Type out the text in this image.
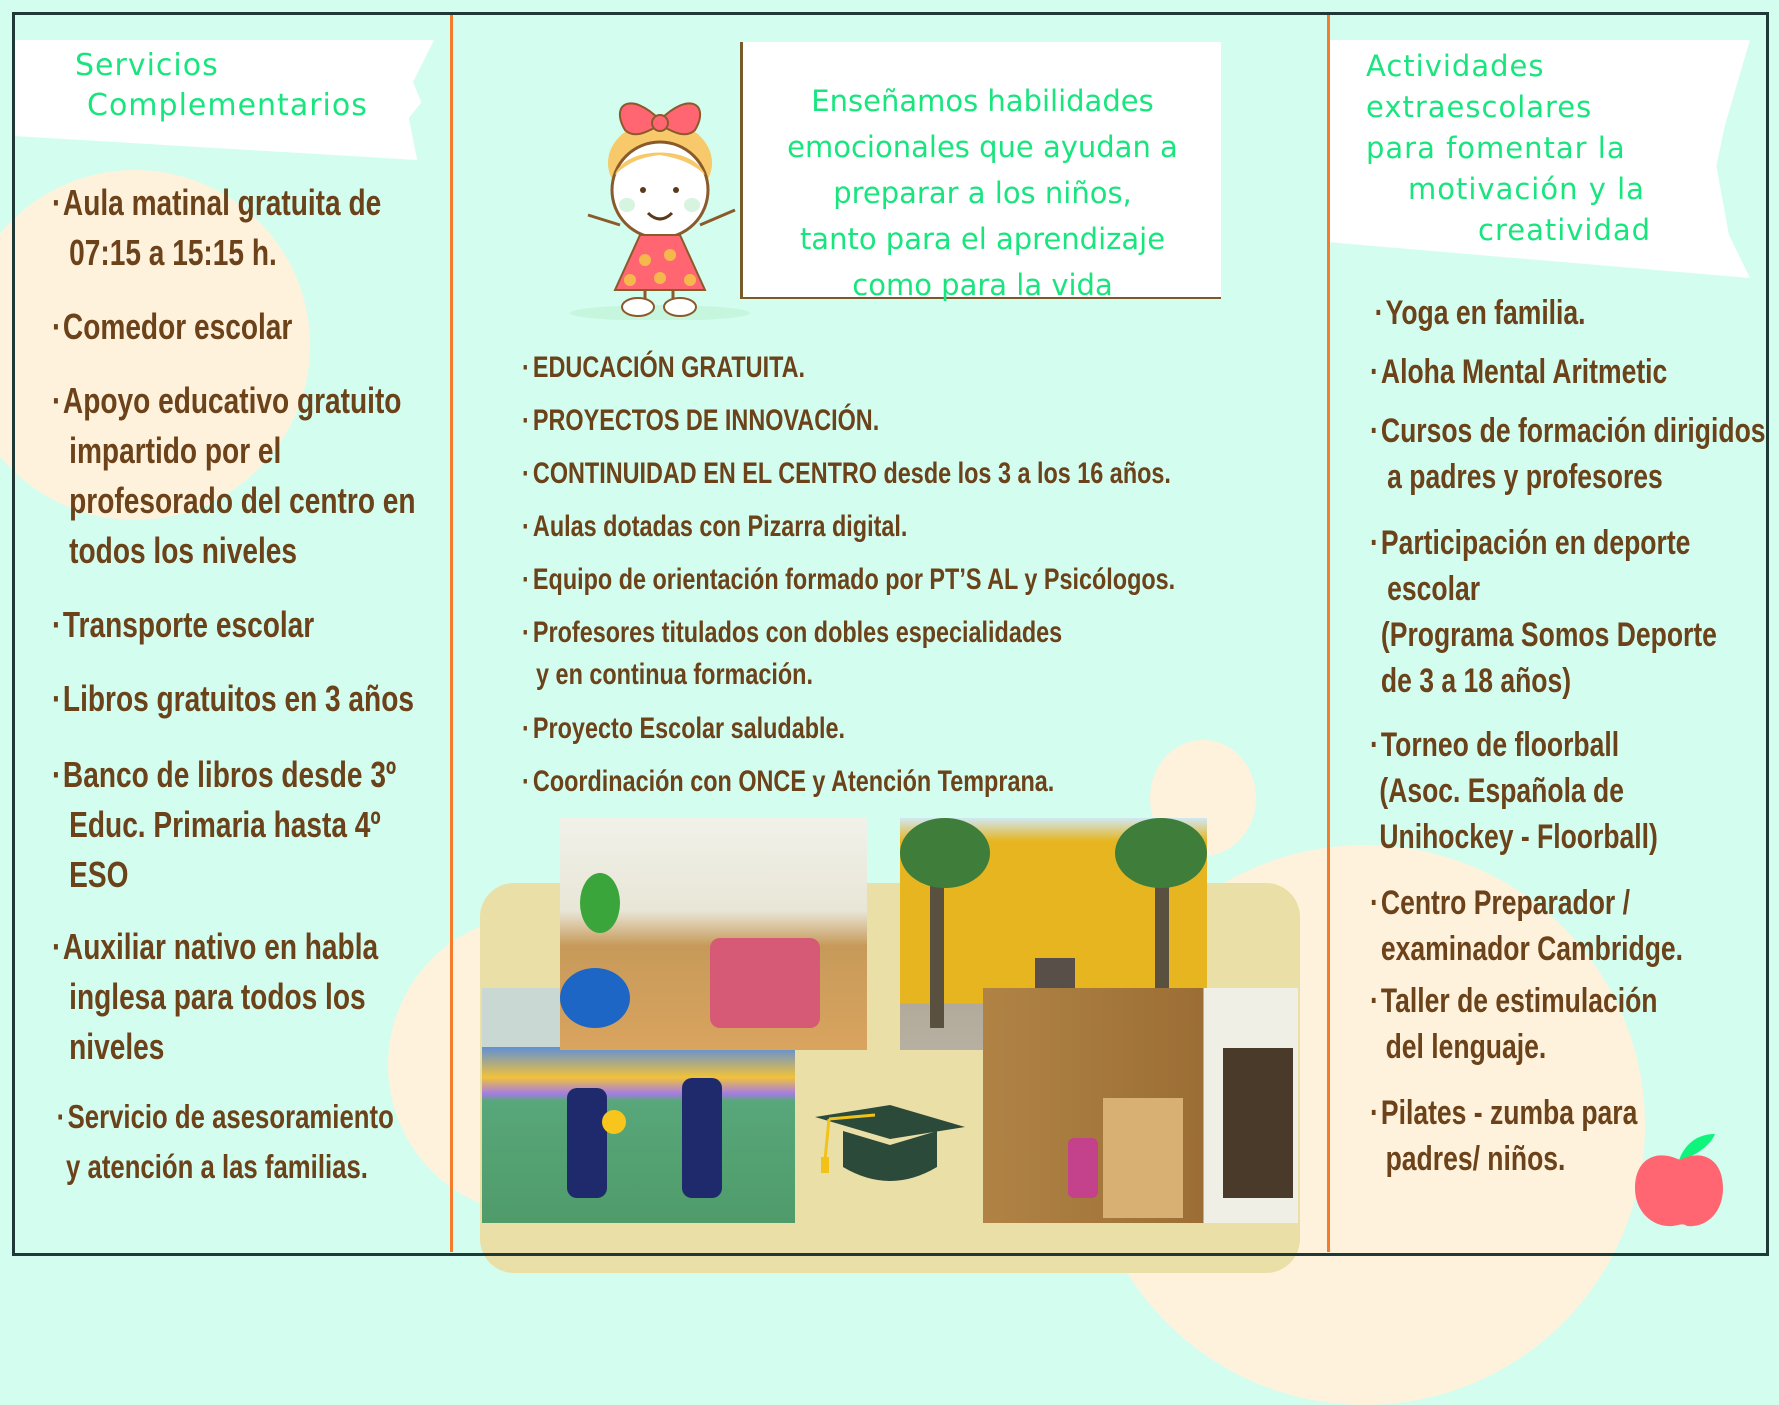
Servicios
Complementarios
·Aula matinal gratuita de
07:15 a 15:15 h.
·Comedor escolar
·Apoyo educativo gratuito
impartido por el
profesorado del centro en
todos los niveles
·Transporte escolar
·Libros gratuitos en 3 años
·Banco de libros desde 3º
Educ. Primaria hasta 4º
ESO
·Auxiliar nativo en habla
inglesa para todos los
niveles
·Servicio de asesoramiento
y atención a las familias.
Enseñamos habilidades
emocionales que ayudan a
preparar a los niños,
tanto para el aprendizaje
como para la vida
· EDUCACIÓN GRATUITA.
· PROYECTOS DE INNOVACIÓN.
· CONTINUIDAD EN EL CENTRO desde los 3 a los 16 años.
· Aulas dotadas con Pizarra digital.
· Equipo de orientación formado por PT’S AL y Psicólogos.
· Profesores titulados con dobles especialidades
y en continua formación.
· Proyecto Escolar saludable.
· Coordinación con ONCE y Atención Temprana.
Actividades
extraescolares
para fomentar la
motivación y la
creatividad
·Yoga en familia.
·Aloha Mental Aritmetic
·Cursos de formación dirigidos
a padres y profesores
·Participación en deporte
escolar
(Programa Somos Deporte
de 3 a 18 años)
·Torneo de floorball
(Asoc. Española de
Unihockey - Floorball)
·Centro Preparador /
examinador Cambridge.
·Taller de estimulación
del lenguaje.
·Pilates - zumba para
padres/ niños.
